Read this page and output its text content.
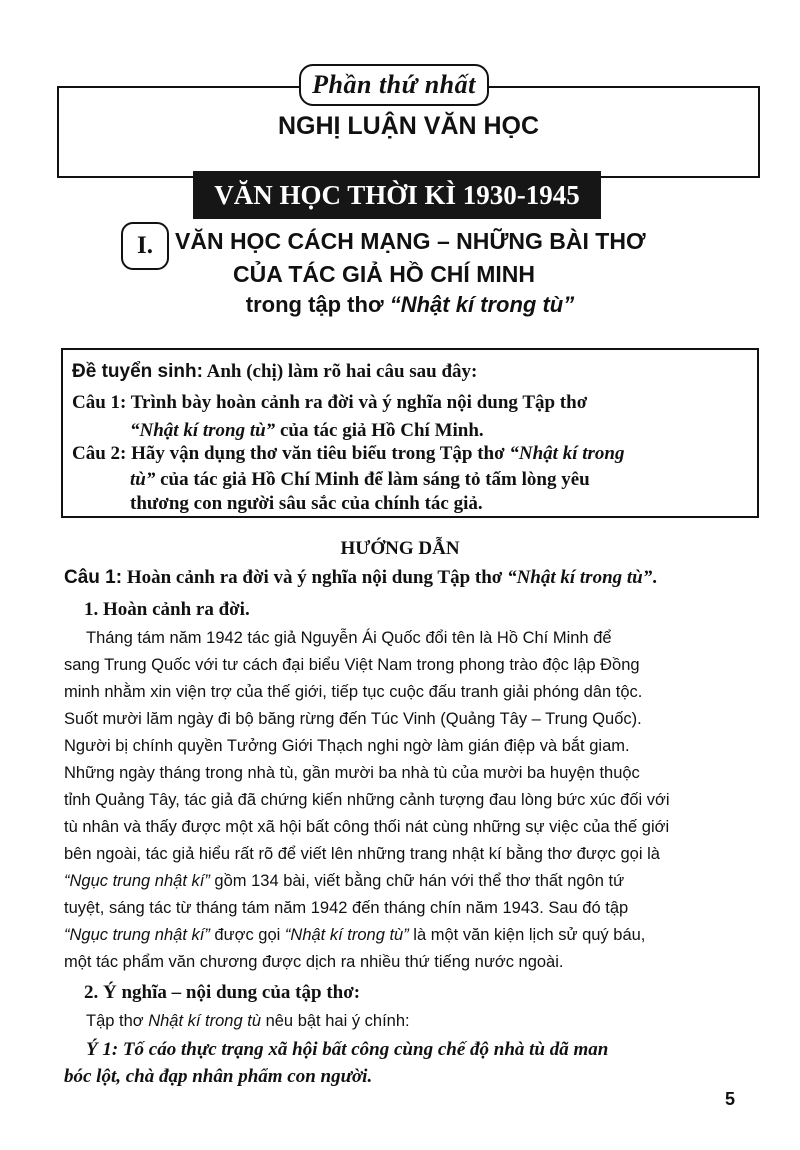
Phần thứ nhất
NGHỊ LUẬN VĂN HỌC
VĂN HỌC THỜI KÌ 1930-1945
I. VĂN HỌC CÁCH MẠNG – NHỮNG BÀI THƠ
CỦA TÁC GIẢ HỒ CHÍ MINH
trong tập thơ “Nhật kí trong tù”
Đề tuyển sinh: Anh (chị) làm rõ hai câu sau đây:
Câu 1: Trình bày hoàn cảnh ra đời và ý nghĩa nội dung Tập thơ
“Nhật kí trong tù” của tác giả Hồ Chí Minh.
Câu 2: Hãy vận dụng thơ văn tiêu biểu trong Tập thơ “Nhật kí trong
tù” của tác giả Hồ Chí Minh để làm sáng tỏ tấm lòng yêu
thương con người sâu sắc của chính tác giả.
HƯỚNG DẪN
Câu 1: Hoàn cảnh ra đời và ý nghĩa nội dung Tập thơ “Nhật kí trong tù”.
1. Hoàn cảnh ra đời.
Tháng tám năm 1942 tác giả Nguyễn Ái Quốc đổi tên là Hồ Chí Minh để
sang Trung Quốc với tư cách đại biểu Việt Nam trong phong trào độc lập Đồng
minh nhằm xin viện trợ của thế giới, tiếp tục cuộc đấu tranh giải phóng dân tộc.
Suốt mười lăm ngày đi bộ băng rừng đến Túc Vinh (Quảng Tây – Trung Quốc).
Người bị chính quyền Tưởng Giới Thạch nghi ngờ làm gián điệp và bắt giam.
Những ngày tháng trong nhà tù, gần mười ba nhà tù của mười ba huyện thuộc
tỉnh Quảng Tây, tác giả đã chứng kiến những cảnh tượng đau lòng bức xúc đối với
tù nhân và thấy được một xã hội bất công thối nát cùng những sự việc của thế giới
bên ngoài, tác giả hiểu rất rõ để viết lên những trang nhật kí bằng thơ được gọi là
“Ngục trung nhật kí” gồm 134 bài, viết bằng chữ hán với thể thơ thất ngôn tứ
tuyệt, sáng tác từ tháng tám năm 1942 đến tháng chín năm 1943. Sau đó tập
“Ngục trung nhật kí” được gọi “Nhật kí trong tù” là một văn kiện lịch sử quý báu,
một tác phẩm văn chương được dịch ra nhiều thứ tiếng nước ngoài.
2. Ý nghĩa – nội dung của tập thơ:
Tập thơ Nhật kí trong tù nêu bật hai ý chính:
Ý 1: Tố cáo thực trạng xã hội bất công cùng chế độ nhà tù dã man
bóc lột, chà đạp nhân phẩm con người.
5
